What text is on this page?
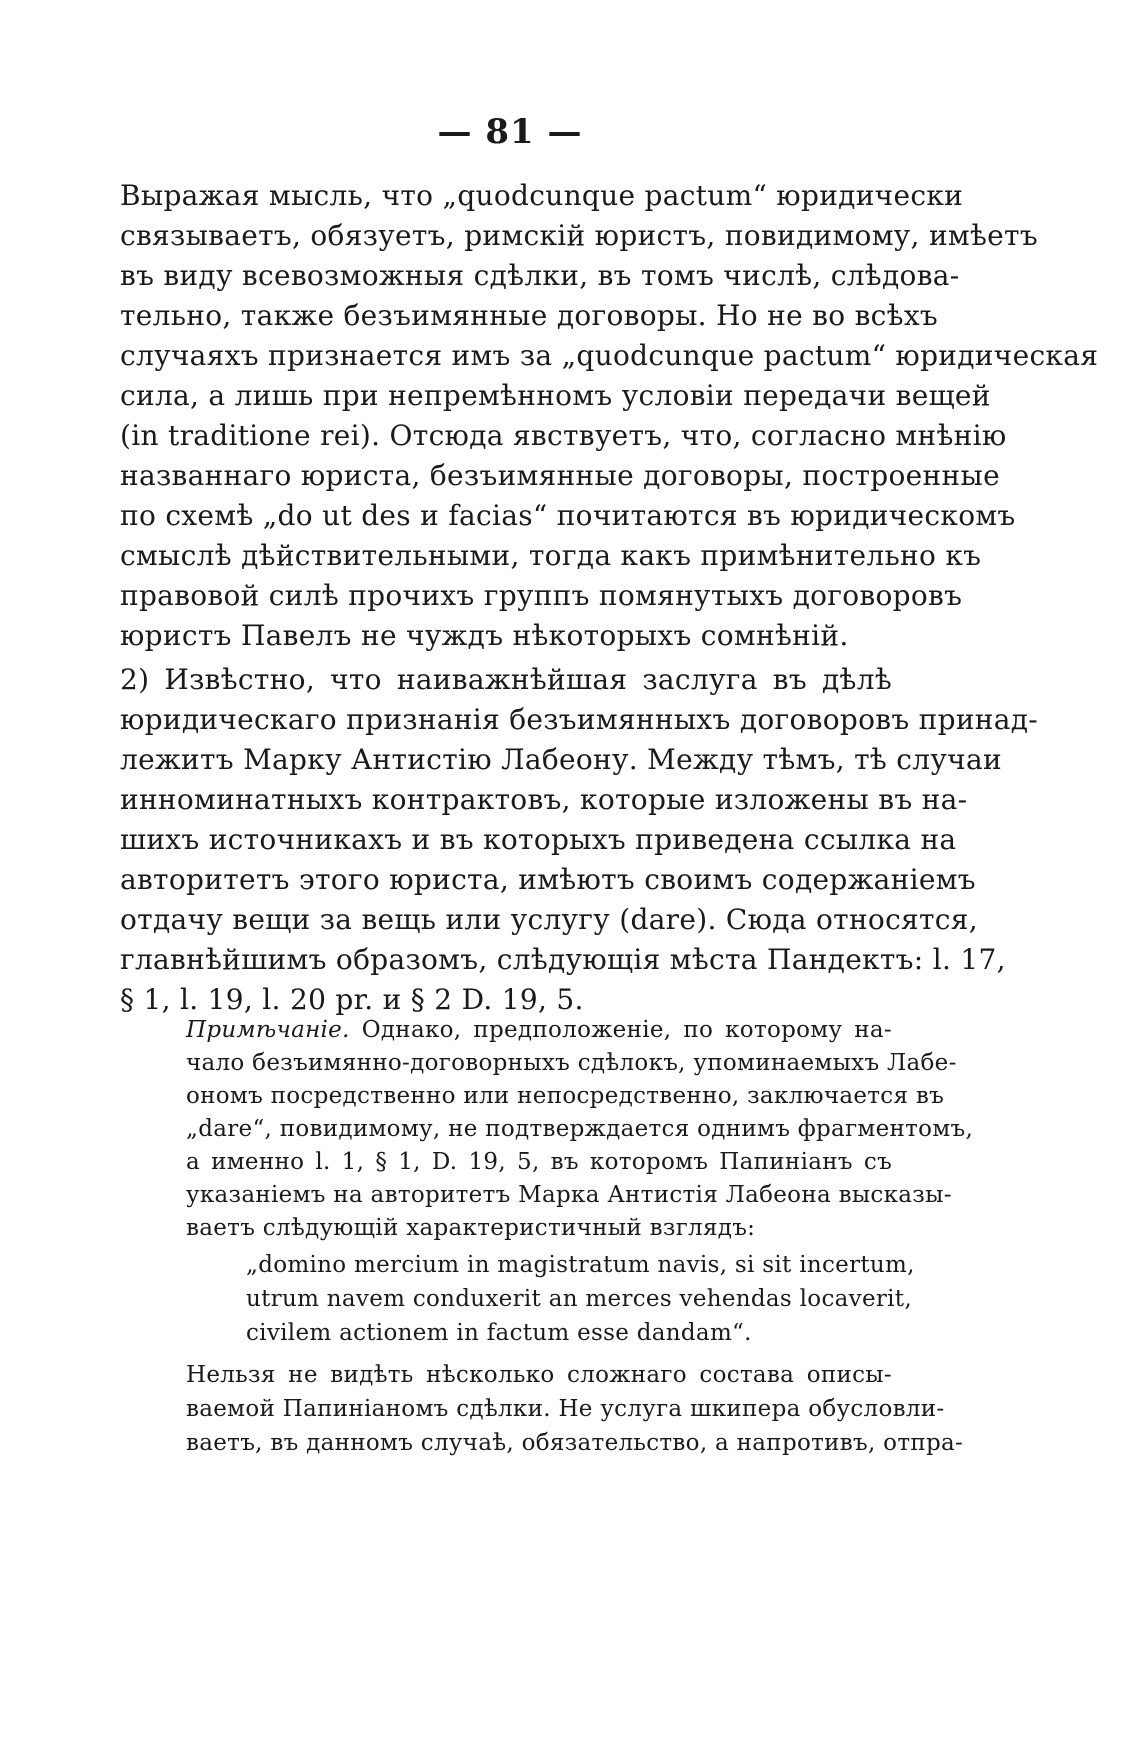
— 81 —
Выражая мысль, что „quodcunque pactum“ юридически
связываетъ, обязуетъ, римскій юристъ, повидимому, имѣетъ
въ виду всевозможныя сдѣлки, въ томъ числѣ, слѣдова-
тельно, также безъимянные договоры. Но не во всѣхъ
случаяхъ признается имъ за „quodcunque pactum“ юридическая
сила, а лишь при непремѣнномъ условіи передачи вещей
(in traditione rei). Отсюда явствуетъ, что, согласно мнѣнію
названнаго юриста, безъимянные договоры, построенные
по схемѣ „do ut des и facias“ почитаются въ юридическомъ
смыслѣ дѣйствительными, тогда какъ примѣнительно къ
правовой силѣ прочихъ группъ помянутыхъ договоровъ
юристъ Павелъ не чуждъ нѣкоторыхъ сомнѣній.
2) Извѣстно, что наиважнѣйшая заслуга въ дѣлѣ
юридическаго признанія безъимянныхъ договоровъ принад-
лежитъ Марку Антистію Лабеону. Между тѣмъ, тѣ случаи
инноминатныхъ контрактовъ, которые изложены въ на-
шихъ источникахъ и въ которыхъ приведена ссылка на
авторитетъ этого юриста, имѣютъ своимъ содержаніемъ
отдачу вещи за вещь или услугу (dare). Сюда относятся,
главнѣйшимъ образомъ, слѣдующія мѣста Пандектъ: l. 17,
§ 1, l. 19, l. 20 pr. и § 2 D. 19, 5.
Примѣчаніе. Однако, предположеніе, по которому на-
чало безъимянно-договорныхъ сдѣлокъ, упоминаемыхъ Лабе-
ономъ посредственно или непосредственно, заключается въ
„dare“, повидимому, не подтверждается однимъ фрагментомъ,
а именно l. 1, § 1, D. 19, 5, въ которомъ Папиніанъ съ
указаніемъ на авторитетъ Марка Антистія Лабеона высказы-
ваетъ слѣдующій характеристичный взглядъ:
„domino mercium in magistratum navis, si sit incertum,
utrum navem conduxerit an merces vehendas locaverit,
civilem actionem in factum esse dandam“.
Нельзя не видѣть нѣсколько сложнаго состава описы-
ваемой Папиніаномъ сдѣлки. Не услуга шкипера обусловли-
ваетъ, въ данномъ случаѣ, обязательство, а напротивъ, отпра-
